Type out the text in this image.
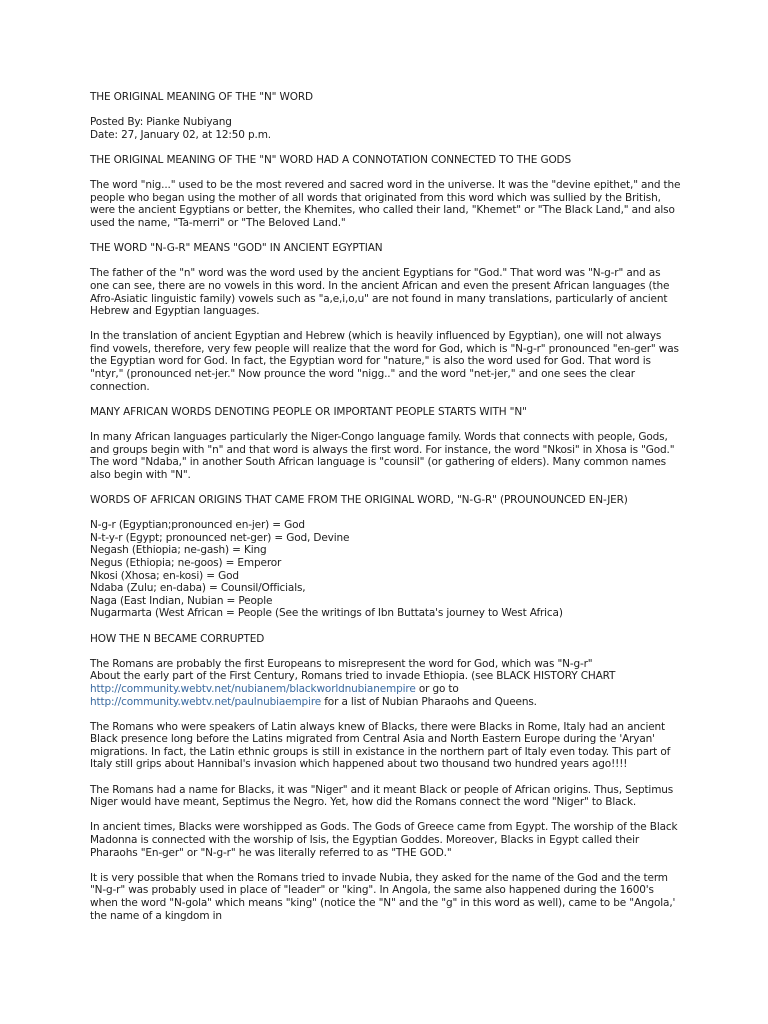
THE ORIGINAL MEANING OF THE "N" WORD

Posted By: Pianke Nubiyang
Date: 27, January 02, at 12:50 p.m.

THE ORIGINAL MEANING OF THE "N" WORD HAD A CONNOTATION CONNECTED TO THE GODS

The word "nig..." used to be the most revered and sacred word in the universe. It was the "devine epithet," and the people who began using the mother of all words that originated from this word which was sullied by the British, were the ancient Egyptians or better, the Khemites, who called their land, "Khemet" or "The Black Land," and also used the name, "Ta-merri" or "The Beloved Land."

THE WORD "N-G-R" MEANS "GOD" IN ANCIENT EGYPTIAN

The father of the "n" word was the word used by the ancient Egyptians for "God." That word was "N-g-r" and as one can see, there are no vowels in this word. In the ancient African and even the present African languages (the Afro-Asiatic linguistic family) vowels such as "a,e,i,o,u" are not found in many translations, particularly of ancient Hebrew and Egyptian languages.

In the translation of ancient Egyptian and Hebrew (which is heavily influenced by Egyptian), one will not always find vowels, therefore, very few people will realize that the word for God, which is "N-g-r" pronounced "en-ger" was the Egyptian word for God. In fact, the Egyptian word for "nature," is also the word used for God. That word is "ntyr," (pronounced net-jer." Now prounce the word "nigg.." and the word "net-jer," and one sees the clear connection.

MANY AFRICAN WORDS DENOTING PEOPLE OR IMPORTANT PEOPLE STARTS WITH "N"

In many African languages particularly the Niger-Congo language family. Words that connects with people, Gods, and groups begin with "n" and that word is always the first word. For instance, the word "Nkosi" in Xhosa is "God." The word "Ndaba," in another South African language is "counsil" (or gathering of elders). Many common names also begin with "N".

WORDS OF AFRICAN ORIGINS THAT CAME FROM THE ORIGINAL WORD, "N-G-R" (PROUNOUNCED EN-JER)

N-g-r (Egyptian;pronounced en-jer) = God
N-t-y-r (Egypt; pronounced net-ger) = God, Devine
Negash (Ethiopia; ne-gash) = King
Negus (Ethiopia; ne-goos) = Emperor
Nkosi (Xhosa; en-kosi) = God
Ndaba (Zulu; en-daba) = Counsil/Officials,
Naga (East Indian, Nubian = People
Nugarmarta (West African = People (See the writings of Ibn Buttata's journey to West Africa)

HOW THE N BECAME CORRUPTED

The Romans are probably the first Europeans to misrepresent the word for God, which was "N-g-r"
About the early part of the First Century, Romans tried to invade Ethiopia. (see BLACK HISTORY CHART
http://community.webtv.net/nubianem/blackworldnubianempire or go to http://community.webtv.net/paulnubiaempire for a list of Nubian Pharaohs and Queens.

The Romans who were speakers of Latin always knew of Blacks, there were Blacks in Rome, Italy had an ancient Black presence long before the Latins migrated from Central Asia and North Eastern Europe during the 'Aryan' migrations. In fact, the Latin ethnic groups is still in existance in the northern part of Italy even today. This part of Italy still grips about Hannibal's invasion which happened about two thousand two hundred years ago!!!!

The Romans had a name for Blacks, it was "Niger" and it meant Black or people of African origins. Thus, Septimus Niger would have meant, Septimus the Negro. Yet, how did the Romans connect the word "Niger" to Black.

In ancient times, Blacks were worshipped as Gods. The Gods of Greece came from Egypt. The worship of the Black Madonna is connected with the worship of Isis, the Egyptian Goddes. Moreover, Blacks in Egypt called their Pharaohs "En-ger" or "N-g-r" he was literally referred to as "THE GOD."

It is very possible that when the Romans tried to invade Nubia, they asked for the name of the God and the term "N-g-r" was probably used in place of "leader" or "king". In Angola, the same also happened during the 1600's when the word "N-gola" which means "king" (notice the "N" and the "g" in this word as well), came to be "Angola,' the name of a kingdom in
